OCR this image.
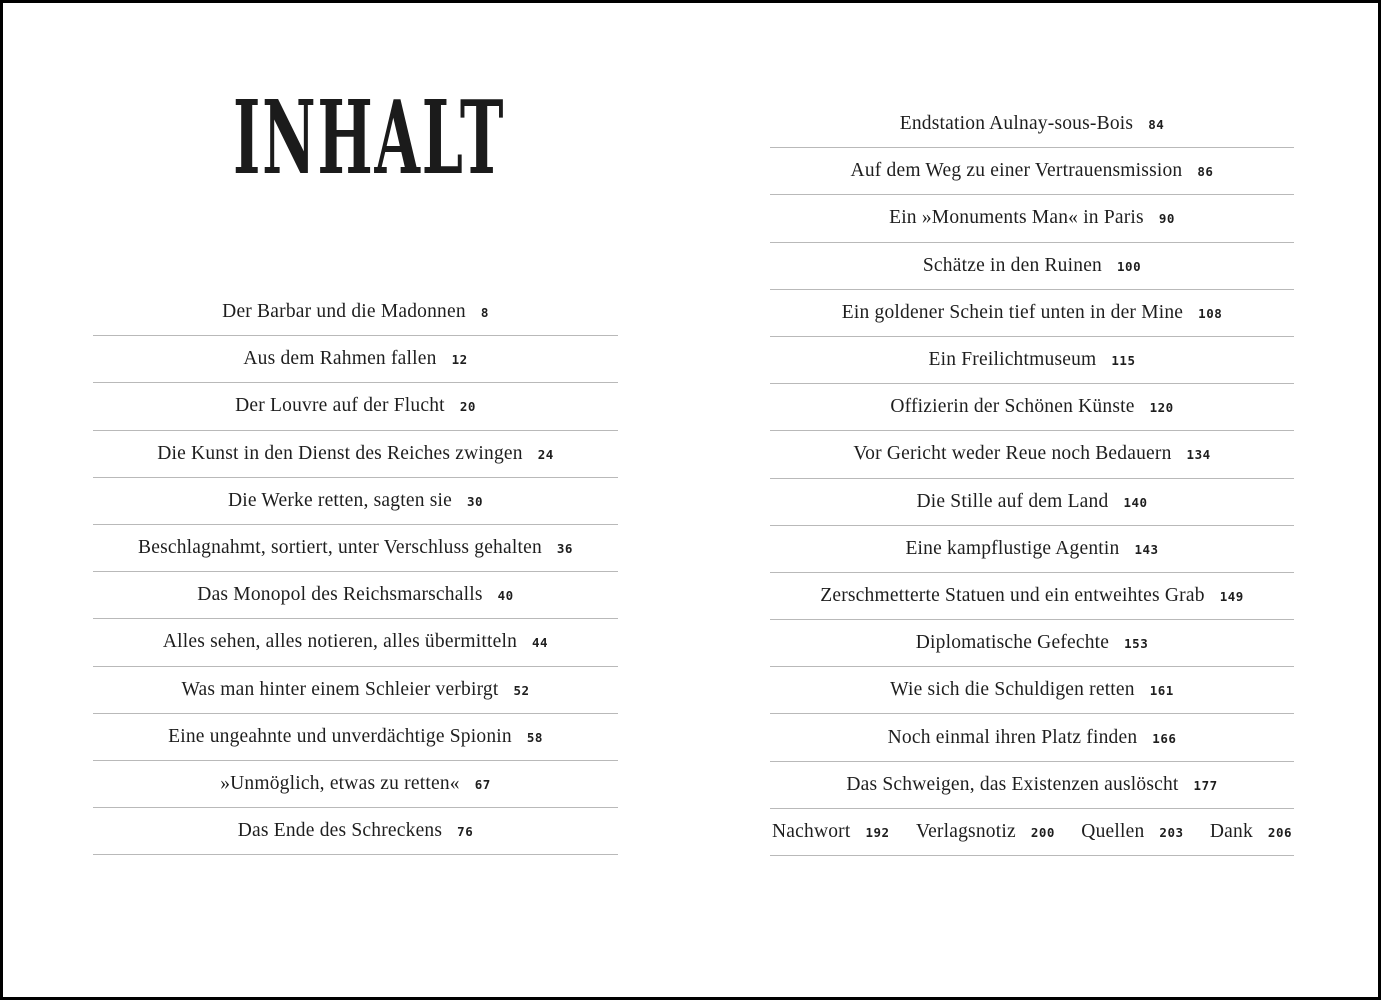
INHALT
Der Barbar und die Madonnen 8
Aus dem Rahmen fallen 12
Der Louvre auf der Flucht 20
Die Kunst in den Dienst des Reiches zwingen 24
Die Werke retten, sagten sie 30
Beschlagnahmt, sortiert, unter Verschluss gehalten 36
Das Monopol des Reichsmarschalls 40
Alles sehen, alles notieren, alles übermitteln 44
Was man hinter einem Schleier verbirgt 52
Eine ungeahnte und unverdächtige Spionin 58
»Unmöglich, etwas zu retten« 67
Das Ende des Schreckens 76
Endstation Aulnay-sous-Bois 84
Auf dem Weg zu einer Vertrauensmission 86
Ein »Monuments Man« in Paris 90
Schätze in den Ruinen 100
Ein goldener Schein tief unten in der Mine 108
Ein Freilichtmuseum 115
Offizierin der Schönen Künste 120
Vor Gericht weder Reue noch Bedauern 134
Die Stille auf dem Land 140
Eine kampflustige Agentin 143
Zerschmetterte Statuen und ein entweihtes Grab 149
Diplomatische Gefechte 153
Wie sich die Schuldigen retten 161
Noch einmal ihren Platz finden 166
Das Schweigen, das Existenzen auslöscht 177
Nachwort 192 Verlagsnotiz 200 Quellen 203 Dank 206
